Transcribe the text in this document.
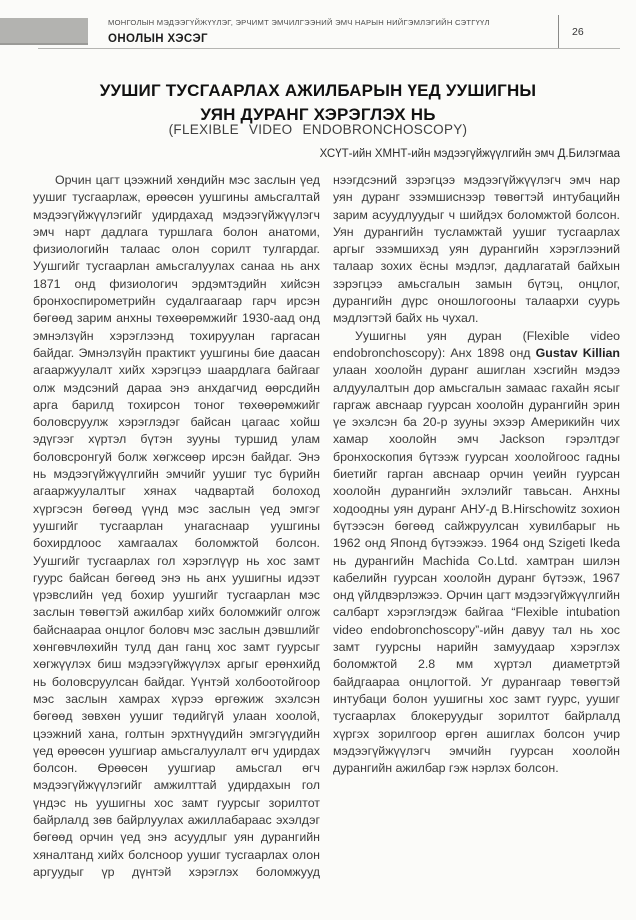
МОНГОЛЫН МЭДЭЭГҮЙЖҮҮЛЭГ, ЭРЧИМТ ЭМЧИЛГЭЭНИЙ ЭМЧ НАРЫН НИЙГЭМЛЭГИЙН СЭТГҮҮЛ
ОНОЛЫН ХЭСЭГ
26
УУШИГ ТУСГААРЛАХ АЖИЛБАРЫН ҮЕД УУШИГНЫ
УЯН ДУРАНГ ХЭРЭГЛЭХ НЬ
(FLEXIBLE VIDEO ENDOBRONCHOSCOPY)
ХСҮТ-ийн ХМНТ-ийн мэдээгүйжүүлгийн эмч Д.Билэгмаа

Орчин цагт цээжний хөндийн мэс заслын үед уушиг тусгаарлаж, өрөөсөн уушгины амьсгалтай мэдээгүйжүүлэгийг удирдахад мэдээгүйжүүлэгч эмч нарт дадлага туршлага болон анатоми, физиологийн талаас олон сорилт тулгардаг. Уушгийг тусгаарлан амьсгалуулах санаа нь анх 1871 онд физиологич эрдэмтэдийн хийсэн бронхоспирометрийн судалгаагаар гарч ирсэн бөгөөд зарим анхны төхөөрөмжийг 1930-аад онд эмнэлзүйн хэрэглээнд тохируулан гаргасан байдаг. Эмнэлзүйн практикт уушгины бие даасан агааржуулалт хийх хэрэгцээ шаардлага байгааг олж мэдсэний дараа энэ анхдагчид өөрсдийн арга барилд тохирсон тоног төхөөрөмжийг боловсруулж хэрэглэдэг байсан цагаас хойш эдүгээг хүртэл бүтэн зууны туршид улам боловсронгуй болж хөгжсөөр ирсэн байдаг. Энэ нь мэдээгүйжүүлгийн эмчийг уушиг тус бүрийн агааржуулалтыг хянах чадвартай болоход хүргэсэн бөгөөд үүнд мэс заслын үед эмгэг уушгийг тусгаарлан унагаснаар уушгины бохирдлоос хамгаалах боломжтой болсон. Уушгийг тусгаарлах гол хэрэглүүр нь хос замт гуурс байсан бөгөөд энэ нь анх уушигны идээт үрэвслийн үед бохир уушгийг тусгаарлан мэс заслын төвөгтэй ажилбар хийх боломжийг олгож байснаараа онцлог боловч мэс заслын дэвшлийг хөнгөвчлөхийн тулд дан ганц хос замт гуурсыг хөгжүүлэх биш мэдээгүйжүүлэх аргыг ерөнхийд нь боловсруулсан байдаг. Үүнтэй холбоотойгоор мэс заслын хамрах хүрээ өргөжиж эхэлсэн бөгөөд зөвхөн уушиг төдийгүй улаан хоолой, цээжний хана, голтын эрхтнүүдийн эмгэгүүдийн үед өрөөсөн уушгиар амьсгалуулалт өгч удирдах болсон. Өрөөсөн уушгиар амьсгал өгч мэдээгүйжүүлэгийг амжилттай удирдахын гол үндэс нь уушигны хос замт гуурсыг зорилтот байрлалд зөв байрлуулах ажиллабараас эхэлдэг бөгөөд орчин үед энэ асуудлыг уян дурангийн хяналтанд хийх болсноор уушиг тусгаарлах олон аргуудыг үр дүнтэй хэрэглэх боломжууд нээгдсэний зэрэгцээ мэдээгүйжүүлэгч эмч нар уян дуранг эзэмшиснээр төвөгтэй интубацийн зарим асуудлуудыг ч шийдэх боломжтой болсон. Уян дурангийн тусламжтай уушиг тусгаарлах аргыг эзэмшихэд уян дурангийн хэрэглээний талаар зохих ёсны мэдлэг, дадлагатай байхын зэрэгцээ амьсгалын замын бүтэц, онцлог, дурангийн дүрс оношлогооны талаархи суурь мэдлэгтэй байх нь чухал.

Уушигны уян дуран (Flexible video endobronchoscopy): Анх 1898 онд Gustav Killian улаан хоолойн дуранг ашиглан хэсгийн мэдээ алдуулалтын дор амьсгалын замаас гахайн ясыг гаргаж авснаар гуурсан хоолойн дурангийн эрин үе эхэлсэн ба 20-р зууны эхээр Америкийн чих хамар хоолойн эмч Jackson гэрэлтдэг бронхоскопия бүтээж гуурсан хоолойгоос гадны биетийг гарган авснаар орчин үеийн гуурсан хоолойн дурангийн эхлэлийг тавьсан. Анхны ходоодны уян дуранг АНУ-д B.Hirschowitz зохион бүтээсэн бөгөөд сайжруулсан хувилбарыг нь 1962 онд Японд бүтээжээ. 1964 онд Szigeti Ikeda нь дурангийн Machida Co.Ltd. хамтран шилэн кабелийн гуурсан хоолойн дуранг бүтээж, 1967 онд үйлдвэрлэжээ. Орчин цагт мэдээгүйжүүлгийн салбарт хэрэглэгдэж байгаа “Flexible intubation video endobronchoscopy”-ийн давуу тал нь хос замт гуурсны нарийн замуудаар хэрэглэх боломжтой 2.8 мм хүртэл диаметртэй байдгаараа онцлогтой. Уг дурангаар төвөгтэй интубаци болон уушигны хос замт гуурс, уушиг тусгаарлах блокеруудыг зорилтот байрлалд хүргэх зорилгоор өргөн ашиглах болсон учир мэдээгүйжүүлэгч эмчийн гуурсан хоолойн дурангийн ажилбар гэж нэрлэх болсон.
